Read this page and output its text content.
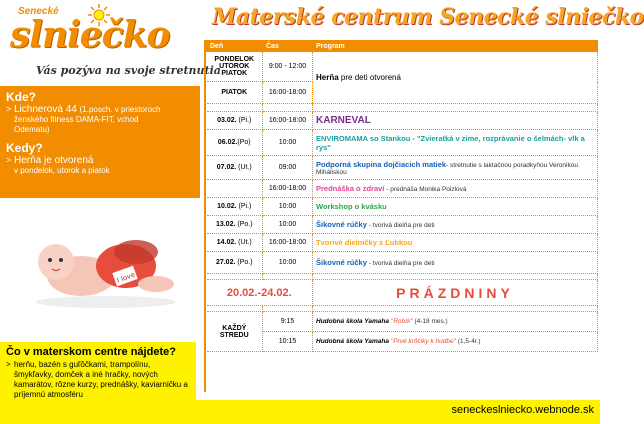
Senecké
slniečko
Vás pozýva na svoje stretnutia
Kde?
> Lichnerová 44 (1.posch. v priestoroch
ženského fitness DAMA-FIT, vchod
Odematu)
Kedy?
> Herňa je otvorená
v pondelok, utorok a piatok
I love
Čo v materskom centre nájdete?
> herňu, bazén s guľôčkami, trampolínu, šmykľavky, domček a iné hračky, nových kamarátov, rôzne kurzy, prednášky, kaviarničku a príjemnú atmosféru
Materské centrum Senecké slniečko
Deň	Čas	Program
PONDELOK UTOROK PIATOK	9:00 - 12:00	Herňa pre deti otvorená
PIATOK	16:00-18:00	

03.02. (Pi.)	16:00-18:00	KARNEVAL
06.02.(Po)	10:00	ENVIROMAMA so Stankou - "Zvieratká v zime, rozprávanie o šelmách- vlk a rys"
07.02. (Ut.)	09:00	Podporná skupina dojčiacich matiek- stretnutie s laktačnou poradkyňou Veronikou Miháliskou
	16:00-18:00	Prednáška o zdraví - prednáša Monika Poizlová
10.02. (Pi.)	10:00	Workshop o kvásku
13.02. (Po.)	10:00	Šikovné rúčky - tvorivá dielňa pre deti
14.02. (Ut.)	16:00-18:00	Tvorivé dielničky s Ľubkou
27.02. (Po.)	10:00	Šikovné rúčky - tvorivá dielňa pre deti

20.02.-24.02.		PRÁZDNINY

KAŽDÝ STREDU	9:15	Hudobná škola Yamaha "Robík" (4-18 mes.)
	10:15	Hudobná škola Yamaha "Prvé krôčiky k hudbe" (1,5-4r.)
seneckeslniecko.webnode.sk
